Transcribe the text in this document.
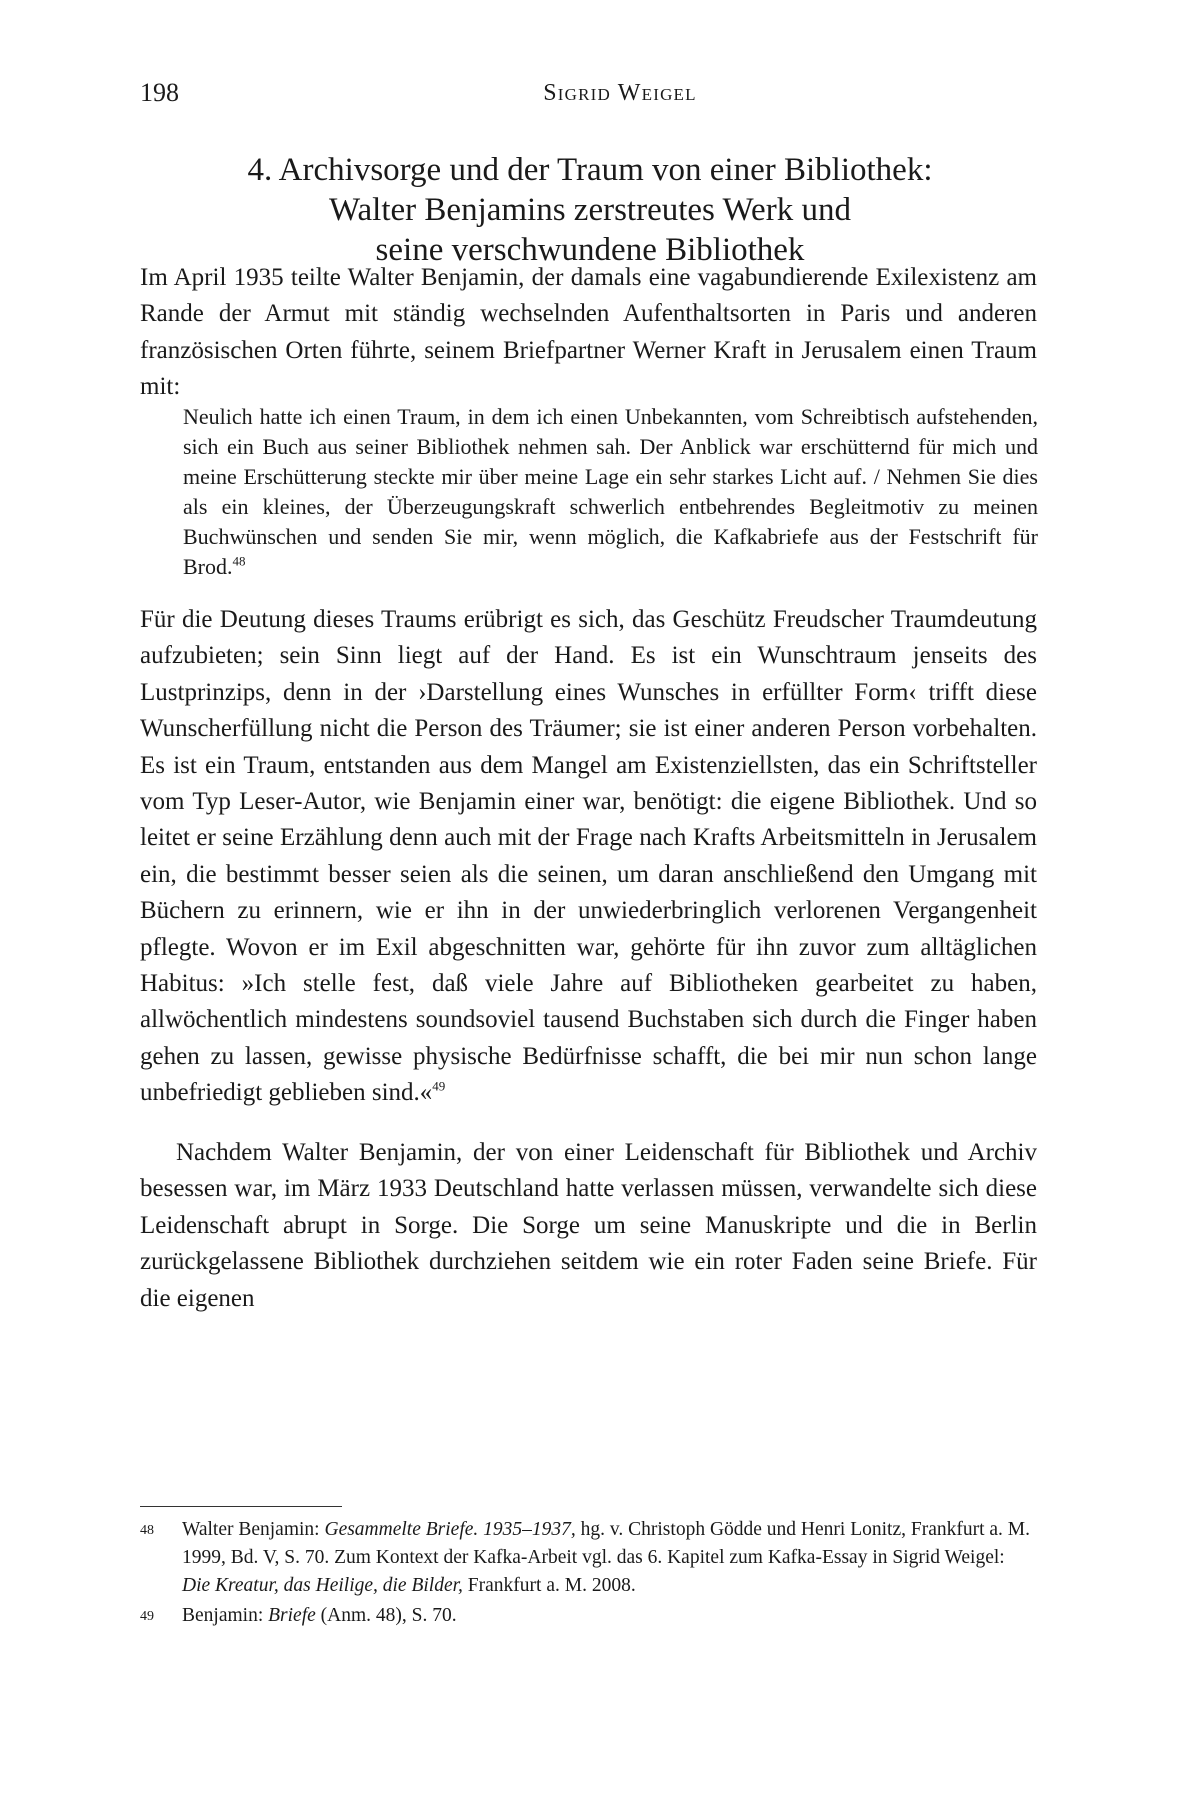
198	Sigrid Weigel
4. Archivsorge und der Traum von einer Bibliothek:
Walter Benjamins zerstreutes Werk und
seine verschwundene Bibliothek

Im April 1935 teilte Walter Benjamin, der damals eine vagabundierende Exilexistenz am Rande der Armut mit ständig wechselnden Aufenthaltsorten in Paris und anderen französischen Orten führte, seinem Briefpartner Werner Kraft in Jerusalem einen Traum mit:

Neulich hatte ich einen Traum, in dem ich einen Unbekannten, vom Schreibtisch aufstehenden, sich ein Buch aus seiner Bibliothek nehmen sah. Der Anblick war erschütternd für mich und meine Erschütterung steckte mir über meine Lage ein sehr starkes Licht auf. / Nehmen Sie dies als ein kleines, der Überzeugungskraft schwerlich entbehrendes Begleitmotiv zu meinen Buchwünschen und senden Sie mir, wenn möglich, die Kafkabriefe aus der Festschrift für Brod.$^{48}$

Für die Deutung dieses Traums erübrigt es sich, das Geschütz Freudscher Traumdeutung aufzubieten; sein Sinn liegt auf der Hand. Es ist ein Wunschtraum jenseits des Lustprinzips, denn in der ›Darstellung eines Wunsches in erfüllter Form‹ trifft diese Wunscherfüllung nicht die Person des Träumer; sie ist einer anderen Person vorbehalten. Es ist ein Traum, entstanden aus dem Mangel am Existenziellsten, das ein Schriftsteller vom Typ Leser-Autor, wie Benjamin einer war, benötigt: die eigene Bibliothek. Und so leitet er seine Erzählung denn auch mit der Frage nach Krafts Arbeitsmitteln in Jerusalem ein, die bestimmt besser seien als die seinen, um daran anschließend den Umgang mit Büchern zu erinnern, wie er ihn in der unwiederbringlich verlorenen Vergangenheit pflegte. Wovon er im Exil abgeschnitten war, gehörte für ihn zuvor zum alltäglichen Habitus: »Ich stelle fest, daß viele Jahre auf Bibliotheken gearbeitet zu haben, allwöchentlich mindestens soundsoviel tausend Buchstaben sich durch die Finger haben gehen zu lassen, gewisse physische Bedürfnisse schafft, die bei mir nun schon lange unbefriedigt geblieben sind.«$^{49}$

Nachdem Walter Benjamin, der von einer Leidenschaft für Bibliothek und Archiv besessen war, im März 1933 Deutschland hatte verlassen müssen, verwandelte sich diese Leidenschaft abrupt in Sorge. Die Sorge um seine Manuskripte und die in Berlin zurückgelassene Bibliothek durchziehen seitdem wie ein roter Faden seine Briefe. Für die eigenen

48	Walter Benjamin: Gesammelte Briefe. 1935–1937, hg. v. Christoph Gödde und Henri Lonitz, Frankfurt a. M. 1999, Bd. V, S. 70. Zum Kontext der Kafka-Arbeit vgl. das 6. Kapitel zum Kafka-Essay in Sigrid Weigel: Die Kreatur, das Heilige, die Bilder, Frankfurt a. M. 2008.
49	Benjamin: Briefe (Anm. 48), S. 70.
